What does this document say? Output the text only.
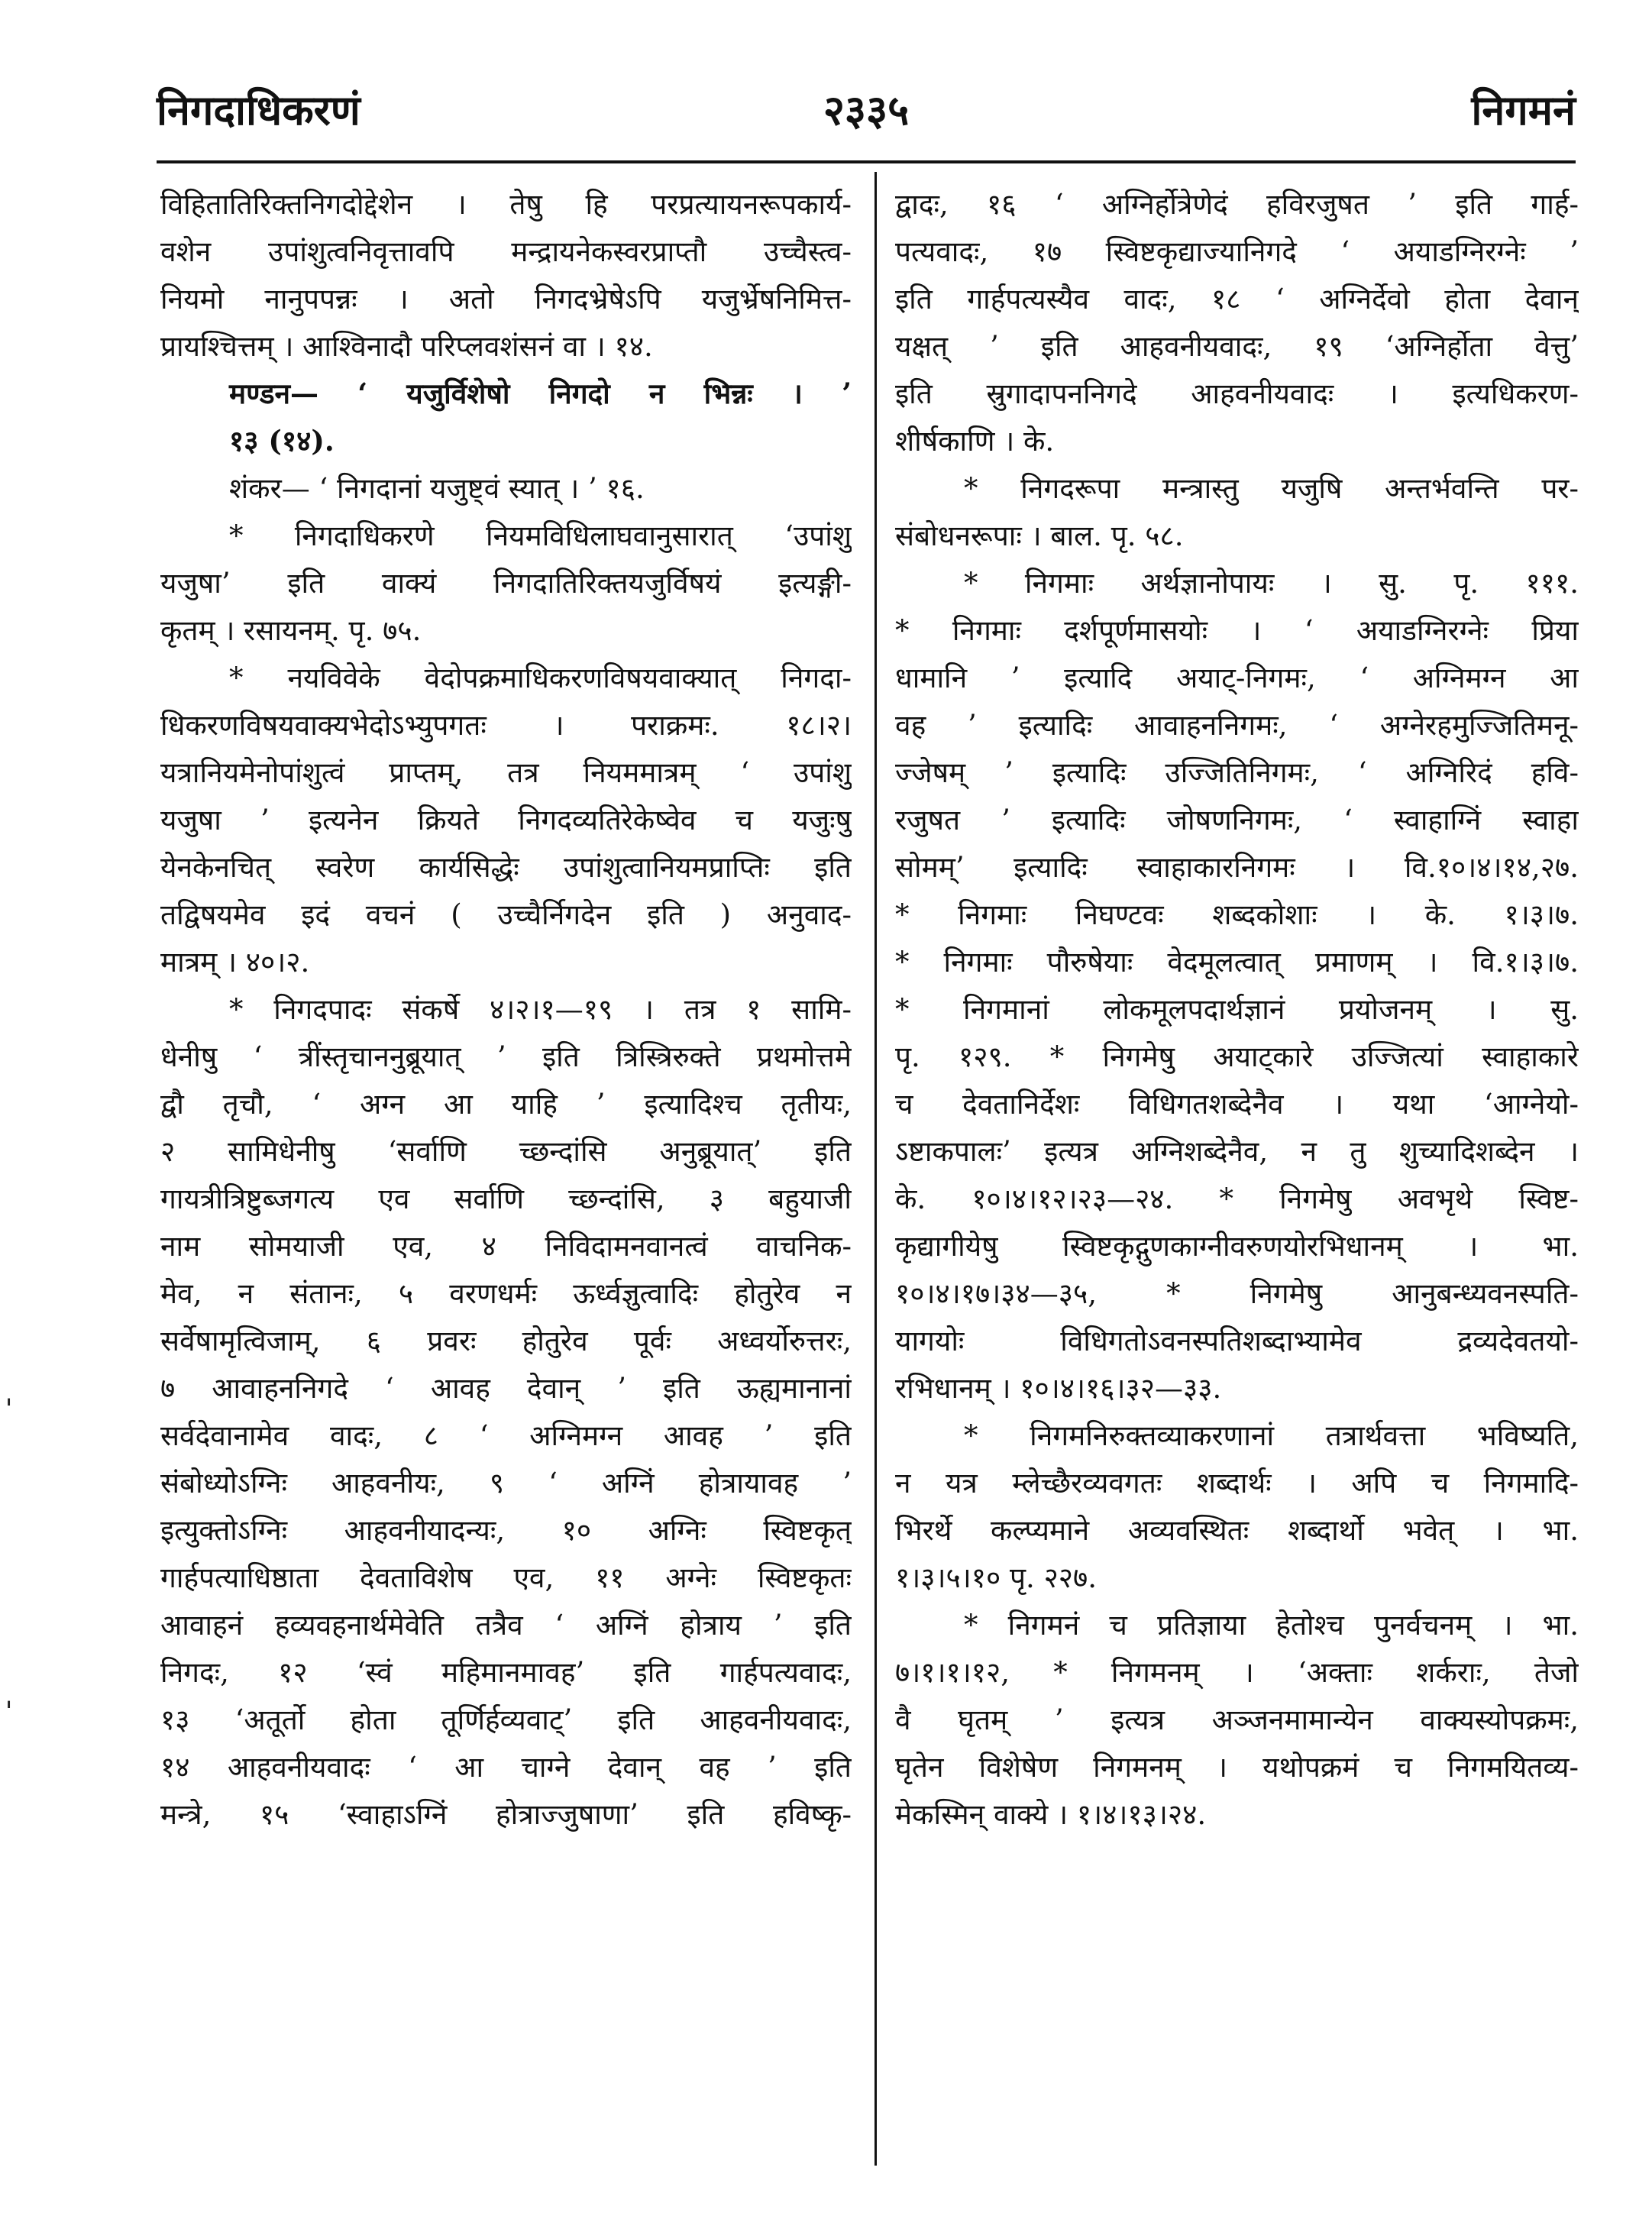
निगदाधिकरणं	२३३५	निगमनं
ˈ
ˌ
विहितातिरिक्तनिगदोद्देशेन । तेषु हि परप्रत्यायनरूपकार्य-
वशेन उपांशुत्वनिवृत्तावपि मन्द्रायनेकस्वरप्राप्तौ उच्चैस्त्व-
नियमो नानुपपन्नः । अतो निगदभ्रेषेऽपि यजुर्भ्रेषनिमित्त-
प्रायश्चित्तम् । आश्विनादौ परिप्लवशंसनं वा । १४.
मण्डन— ‘ यजुर्विशेषो निगदो न भिन्नः । ’
१३ (१४).
शंकर— ‘ निगदानां यजुष्ट्वं स्यात् । ’ १६.
* निगदाधिकरणे नियमविधिलाघवानुसारात् ‘उपांशु
यजुषा’ इति वाक्यं निगदातिरिक्तयजुर्विषयं इत्यङ्गी-
कृतम् । रसायनम्. पृ. ७५.
* नयविवेके वेदोपक्रमाधिकरणविषयवाक्यात् निगदा-
धिकरणविषयवाक्यभेदोऽभ्युपगतः । पराक्रमः. १८।२।
यत्रानियमेनोपांशुत्वं प्राप्तम्, तत्र नियममात्रम् ‘ उपांशु
यजुषा ’ इत्यनेन क्रियते निगदव्यतिरेकेष्वेव च यजुःषु
येनकेनचित् स्वरेण कार्यसिद्धेः उपांशुत्वानियमप्राप्तिः इति
तद्विषयमेव इदं वचनं ( उच्चैर्निगदेन इति ) अनुवाद-
मात्रम् । ४०।२.
* निगदपादः संकर्षे ४।२।१—१९ । तत्र १ सामि-
धेनीषु ‘ त्रींस्तृचाननुब्रूयात् ’ इति त्रिस्त्रिरुक्ते प्रथमोत्तमे
द्वौ तृचौ, ‘ अग्न आ याहि ’ इत्यादिश्च तृतीयः,
२ सामिधेनीषु ‘सर्वाणि च्छन्दांसि अनुब्रूयात्’ इति
गायत्रीत्रिष्टुब्जगत्य एव सर्वाणि च्छन्दांसि, ३ बहुयाजी
नाम सोमयाजी एव, ४ निविदामनवानत्वं वाचनिक-
मेव, न संतानः, ५ वरणधर्मः ऊर्ध्वज्ञुत्वादिः होतुरेव न
सर्वेषामृत्विजाम्, ६ प्रवरः होतुरेव पूर्वः अध्वर्योरुत्तरः,
७ आवाहननिगदे ‘ आवह देवान् ’ इति ऊह्यमानानां
सर्वदेवानामेव वादः, ८ ‘ अग्निमग्न आवह ’ इति
संबोध्योऽग्निः आहवनीयः, ९ ‘ अग्निं होत्रायावह ’
इत्युक्तोऽग्निः आहवनीयादन्यः, १० अग्निः स्विष्टकृत्
गार्हपत्याधिष्ठाता देवताविशेष एव, ११ अग्नेः स्विष्टकृतः
आवाहनं हव्यवहनार्थमेवेति तत्रैव ‘ अग्निं होत्राय ’ इति
निगदः, १२ ‘स्वं महिमानमावह’ इति गार्हपत्यवादः,
१३ ‘अतूर्तो होता तूर्णिर्हव्यवाट्’ इति आहवनीयवादः,
१४ आहवनीयवादः ‘ आ चाग्ने देवान् वह ’ इति
मन्त्रे, १५ ‘स्वाहाऽग्निं होत्राज्जुषाणा’ इति हविष्कृ-
द्वादः, १६ ‘ अग्निर्होत्रेणेदं हविरजुषत ’ इति गार्ह-
पत्यवादः, १७ स्विष्टकृद्याज्यानिगदे ‘ अयाडग्निरग्नेः ’
इति गार्हपत्यस्यैव वादः, १८ ‘ अग्निर्देवो होता देवान्
यक्षत् ’ इति आहवनीयवादः, १९ ‘अग्निर्होता वेत्तु’
इति स्रुगादापननिगदे आहवनीयवादः । इत्यधिकरण-
शीर्षकाणि । के.
* निगदरूपा मन्त्रास्तु यजुषि अन्तर्भवन्ति पर-
संबोधनरूपाः । बाल. पृ. ५८.
* निगमाः अर्थज्ञानोपायः । सु. पृ. १११.
* निगमाः दर्शपूर्णमासयोः । ‘ अयाडग्निरग्नेः प्रिया
धामानि ’ इत्यादि अयाट्-निगमः, ‘ अग्निमग्न आ
वह ’ इत्यादिः आवाहननिगमः, ‘ अग्नेरहमुज्जितिमनू-
ज्जेषम् ’ इत्यादिः उज्जितिनिगमः, ‘ अग्निरिदं हवि-
रजुषत ’ इत्यादिः जोषणनिगमः, ‘ स्वाहाग्निं स्वाहा
सोमम्’ इत्यादिः स्वाहाकारनिगमः । वि.१०।४।१४,२७.
* निगमाः निघण्टवः शब्दकोशाः । के. १।३।७.
* निगमाः पौरुषेयाः वेदमूलत्वात् प्रमाणम् । वि.१।३।७.
* निगमानां लोकमूलपदार्थज्ञानं प्रयोजनम् । सु.
पृ. १२९. * निगमेषु अयाट्कारे उज्जित्यां स्वाहाकारे
च देवतानिर्देशः विधिगतशब्देनैव । यथा ‘आग्नेयो-
ऽष्टाकपालः’ इत्यत्र अग्निशब्देनैव, न तु शुच्यादिशब्देन ।
के. १०।४।१२।२३—२४. * निगमेषु अवभृथे स्विष्ट-
कृद्यागीयेषु स्विष्टकृद्गुणकाग्नीवरुणयोरभिधानम् । भा.
१०।४।१७।३४—३५, * निगमेषु आनुबन्ध्यवनस्पति-
यागयोः विधिगतोऽवनस्पतिशब्दाभ्यामेव द्रव्यदेवतयो-
रभिधानम् । १०।४।१६।३२—३३.
* निगमनिरुक्तव्याकरणानां तत्रार्थवत्ता भविष्यति,
न यत्र म्लेच्छैरव्यवगतः शब्दार्थः । अपि च निगमादि-
भिरर्थे कल्प्यमाने अव्यवस्थितः शब्दार्थो भवेत् । भा.
१।३।५।१० पृ. २२७.
* निगमनं च प्रतिज्ञाया हेतोश्च पुनर्वचनम् । भा.
७।१।१।१२, * निगमनम् । ‘अक्ताः शर्कराः, तेजो
वै घृतम् ’ इत्यत्र अञ्जनमामान्येन वाक्यस्योपक्रमः,
घृतेन विशेषेण निगमनम् । यथोपक्रमं च निगमयितव्य-
मेकस्मिन् वाक्ये । १।४।१३।२४.
